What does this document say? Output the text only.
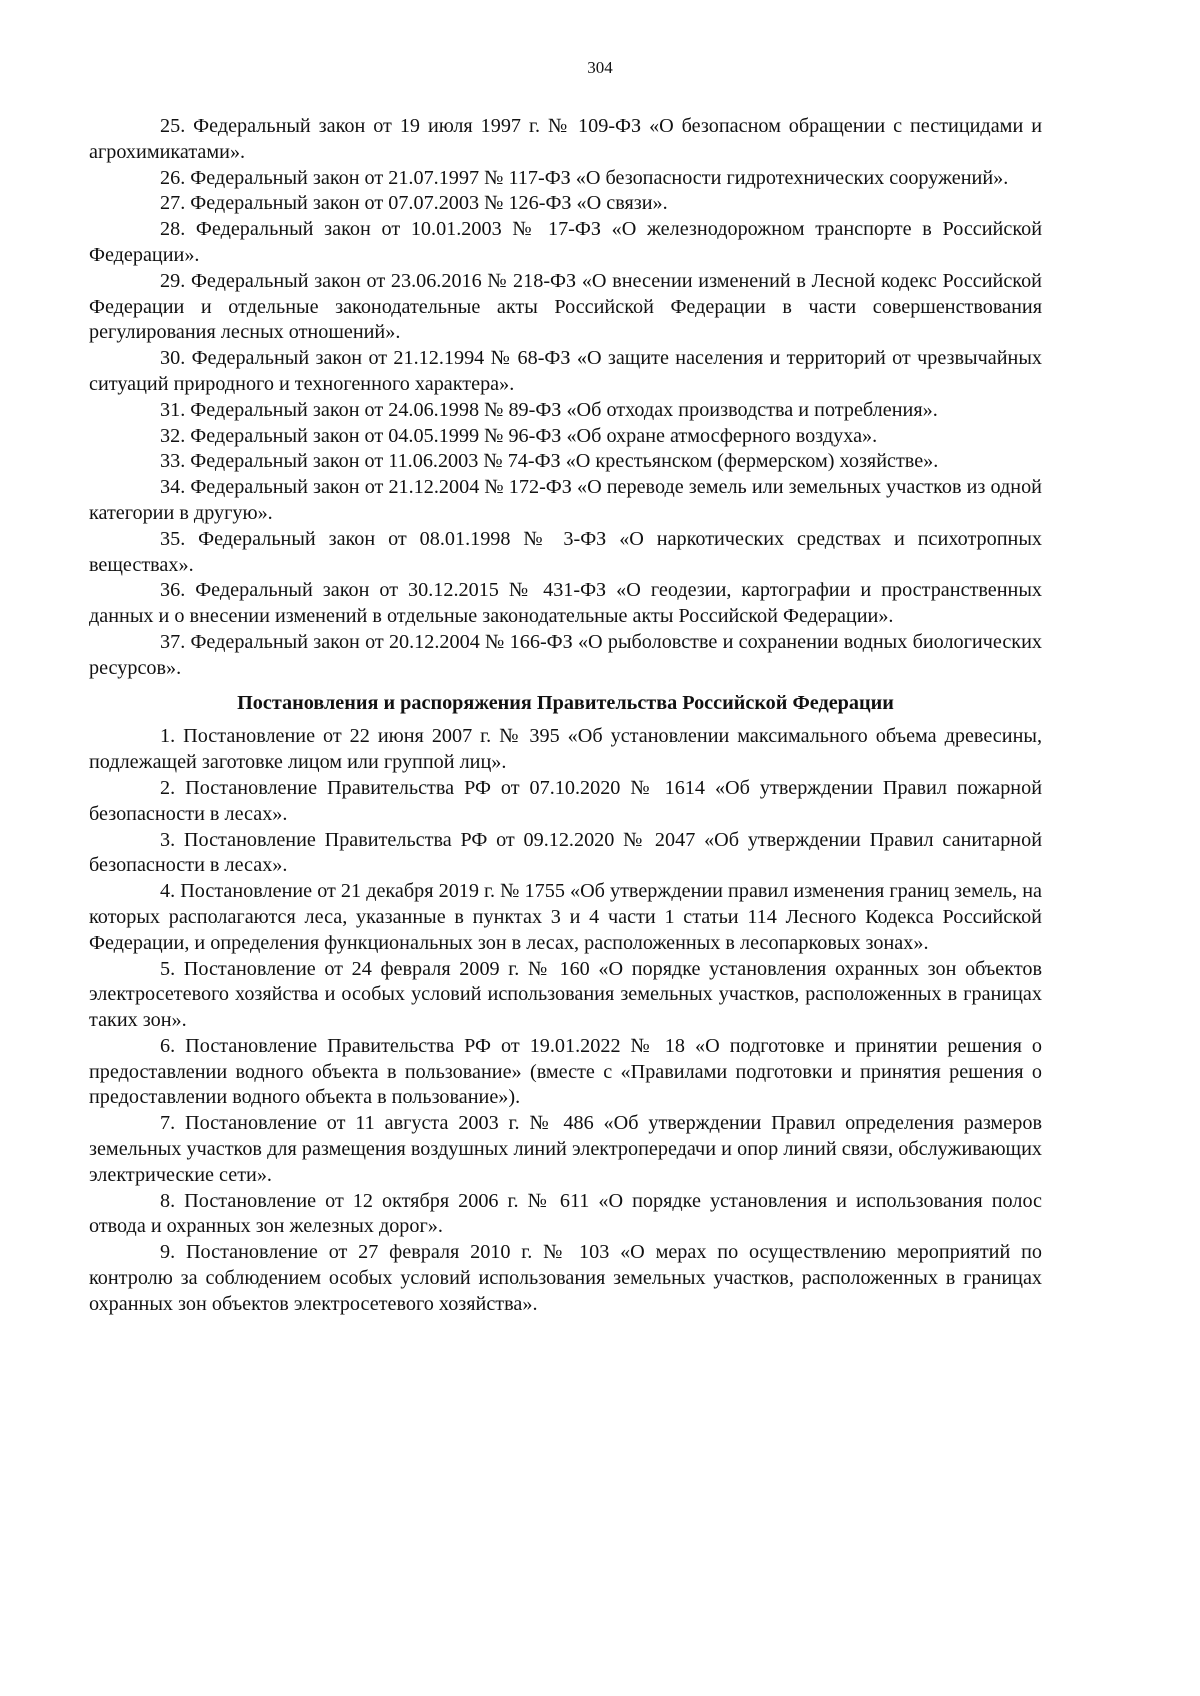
304

25. Федеральный закон от 19 июля 1997 г. № 109-ФЗ «О безопасном обращении с пестицидами и агрохимикатами».

26. Федеральный закон от 21.07.1997 № 117-ФЗ «О безопасности гидротехнических сооружений».

27. Федеральный закон от 07.07.2003 № 126-ФЗ «О связи».

28. Федеральный закон от 10.01.2003 № 17-ФЗ «О железнодорожном транспорте в Российской Федерации».

29. Федеральный закон от 23.06.2016 № 218-ФЗ «О внесении изменений в Лесной кодекс Российской Федерации и отдельные законодательные акты Российской Федерации в части совершенствования регулирования лесных отношений».

30. Федеральный закон от 21.12.1994 № 68-ФЗ «О защите населения и территорий от чрезвычайных ситуаций природного и техногенного характера».

31. Федеральный закон от 24.06.1998 № 89-ФЗ «Об отходах производства и потребления».

32. Федеральный закон от 04.05.1999 № 96-ФЗ «Об охране атмосферного воздуха».

33. Федеральный закон от 11.06.2003 № 74-ФЗ «О крестьянском (фермерском) хозяйстве».

34. Федеральный закон от 21.12.2004 № 172-ФЗ «О переводе земель или земельных участков из одной категории в другую».

35. Федеральный закон от 08.01.1998 № 3-ФЗ «О наркотических средствах и психотропных веществах».

36. Федеральный закон от 30.12.2015 № 431-ФЗ «О геодезии, картографии и пространственных данных и о внесении изменений в отдельные законодательные акты Российской Федерации».

37. Федеральный закон от 20.12.2004 № 166-ФЗ «О рыболовстве и сохранении водных биологических ресурсов».

Постановления и распоряжения Правительства Российской Федерации

1. Постановление от 22 июня 2007 г. № 395 «Об установлении максимального объема древесины, подлежащей заготовке лицом или группой лиц».

2. Постановление Правительства РФ от 07.10.2020 № 1614 «Об утверждении Правил пожарной безопасности в лесах».

3. Постановление Правительства РФ от 09.12.2020 № 2047 «Об утверждении Правил санитарной безопасности в лесах».

4. Постановление от 21 декабря 2019 г. № 1755 «Об утверждении правил изменения границ земель, на которых располагаются леса, указанные в пунктах 3 и 4 части 1 статьи 114 Лесного Кодекса Российской Федерации, и определения функциональных зон в лесах, расположенных в лесопарковых зонах».

5. Постановление от 24 февраля 2009 г. № 160 «О порядке установления охранных зон объектов электросетевого хозяйства и особых условий использования земельных участков, расположенных в границах таких зон».

6. Постановление Правительства РФ от 19.01.2022 № 18 «О подготовке и принятии решения о предоставлении водного объекта в пользование» (вместе с «Правилами подготовки и принятия решения о предоставлении водного объекта в пользование»).

7. Постановление от 11 августа 2003 г. № 486 «Об утверждении Правил определения размеров земельных участков для размещения воздушных линий электропередачи и опор линий связи, обслуживающих электрические сети».

8. Постановление от 12 октября 2006 г. № 611 «О порядке установления и использования полос отвода и охранных зон железных дорог».

9. Постановление от 27 февраля 2010 г. № 103 «О мерах по осуществлению мероприятий по контролю за соблюдением особых условий использования земельных участков, расположенных в границах охранных зон объектов электросетевого хозяйства».
